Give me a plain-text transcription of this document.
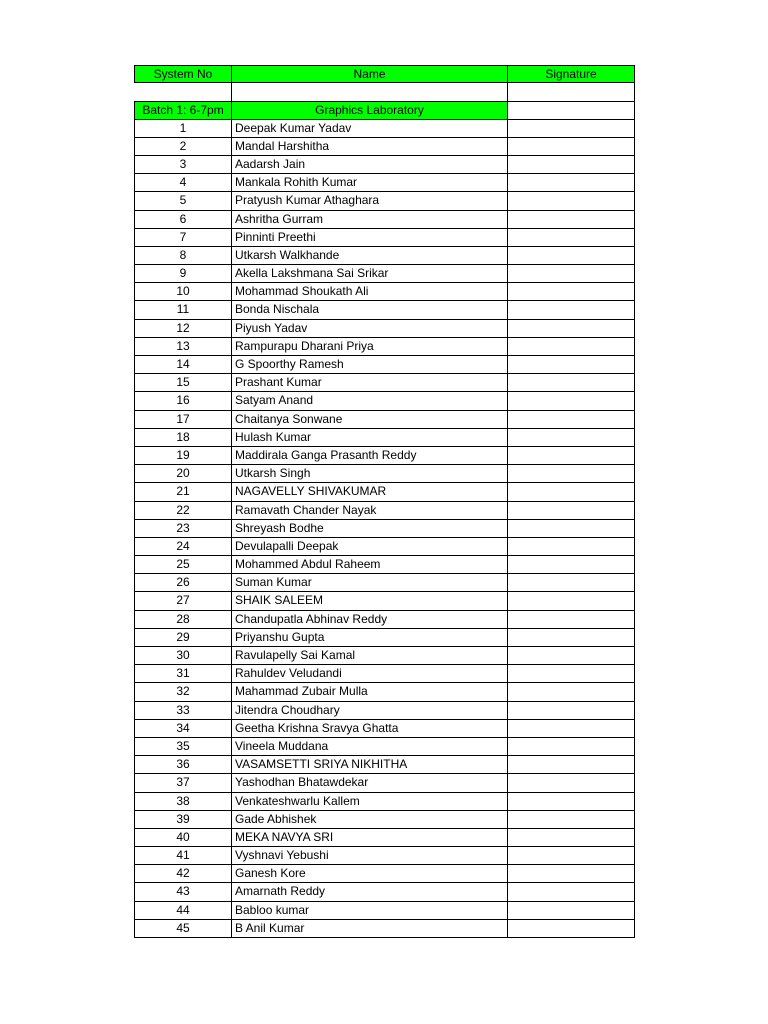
System No	Name	Signature
Batch 1: 6-7pm	Graphics Laboratory
1	Deepak Kumar Yadav
2	Mandal Harshitha
3	Aadarsh Jain
4	Mankala Rohith Kumar
5	Pratyush Kumar Athaghara
6	Ashritha Gurram
7	Pinninti Preethi
8	Utkarsh Walkhande
9	Akella Lakshmana Sai Srikar
10	Mohammad Shoukath Ali
11	Bonda Nischala
12	Piyush Yadav
13	Rampurapu Dharani Priya
14	G Spoorthy Ramesh
15	Prashant Kumar
16	Satyam Anand
17	Chaitanya Sonwane
18	Hulash Kumar
19	Maddirala Ganga Prasanth Reddy
20	Utkarsh Singh
21	NAGAVELLY SHIVAKUMAR
22	Ramavath Chander Nayak
23	Shreyash Bodhe
24	Devulapalli Deepak
25	Mohammed Abdul Raheem
26	Suman Kumar
27	SHAIK SALEEM
28	Chandupatla Abhinav Reddy
29	Priyanshu Gupta
30	Ravulapelly Sai Kamal
31	Rahuldev Veludandi
32	Mahammad Zubair Mulla
33	Jitendra Choudhary
34	Geetha Krishna Sravya Ghatta
35	Vineela Muddana
36	VASAMSETTI SRIYA NIKHITHA
37	Yashodhan Bhatawdekar
38	Venkateshwarlu Kallem
39	Gade Abhishek
40	MEKA NAVYA SRI
41	Vyshnavi Yebushi
42	Ganesh Kore
43	Amarnath Reddy
44	Babloo kumar
45	B Anil Kumar
